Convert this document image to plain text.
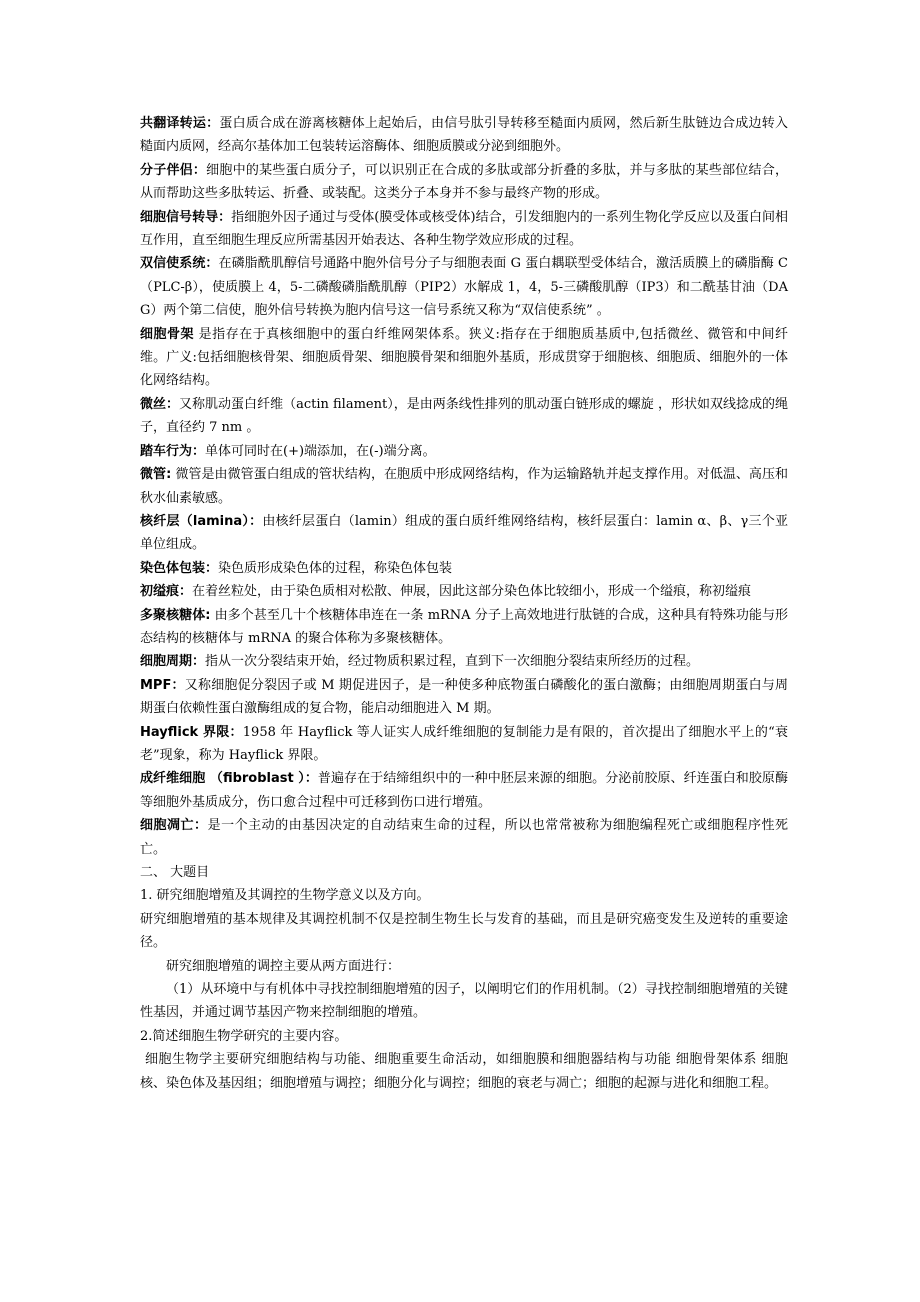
共翻译转运：蛋白质合成在游离核糖体上起始后，由信号肽引导转移至糙面内质网，然后新生肽链边合成边转入糙面内质网，经高尔基体加工包装转运溶酶体、细胞质膜或分泌到细胞外。

分子伴侣：细胞中的某些蛋白质分子，可以识别正在合成的多肽或部分折叠的多肽，并与多肽的某些部位结合，从而帮助这些多肽转运、折叠、或装配。这类分子本身并不参与最终产物的形成。

细胞信号转导：指细胞外因子通过与受体(膜受体或核受体)结合，引发细胞内的一系列生物化学反应以及蛋白间相互作用，直至细胞生理反应所需基因开始表达、各种生物学效应形成的过程。

双信使系统：在磷脂酰肌醇信号通路中胞外信号分子与细胞表面 G 蛋白耦联型受体结合，激活质膜上的磷脂酶 C（PLC-β），使质膜上 4，5-二磷酸磷脂酰肌醇（PIP2）水解成 1，4，5-三磷酸肌醇（IP3）和二酰基甘油（DAG）两个第二信使，胞外信号转换为胞内信号这一信号系统又称为“双信使系统” 。

细胞骨架 是指存在于真核细胞中的蛋白纤维网架体系。狭义:指存在于细胞质基质中,包括微丝、微管和中间纤维。广义:包括细胞核骨架、细胞质骨架、细胞膜骨架和细胞外基质，形成贯穿于细胞核、细胞质、细胞外的一体化网络结构。

微丝：又称肌动蛋白纤维（actin filament），是由两条线性排列的肌动蛋白链形成的螺旋 ，形状如双线捻成的绳子，直径约 7 nm 。

踏车行为：单体可同时在(+)端添加，在(-)端分离。

微管: 微管是由微管蛋白组成的管状结构，在胞质中形成网络结构，作为运输路轨并起支撑作用。对低温、高压和秋水仙素敏感。

核纤层（lamina）：由核纤层蛋白（lamin）组成的蛋白质纤维网络结构，核纤层蛋白：lamin α、β、γ三个亚单位组成。

染色体包装：染色质形成染色体的过程，称染色体包装

初缢痕：在着丝粒处，由于染色质相对松散、伸展，因此这部分染色体比较细小，形成一个缢痕，称初缢痕

多聚核糖体: 由多个甚至几十个核糖体串连在一条 mRNA 分子上高效地进行肽链的合成，这种具有特殊功能与形态结构的核糖体与 mRNA 的聚合体称为多聚核糖体。

细胞周期：指从一次分裂结束开始，经过物质积累过程，直到下一次细胞分裂结束所经历的过程。

MPF：又称细胞促分裂因子或 M 期促进因子，是一种使多种底物蛋白磷酸化的蛋白激酶；由细胞周期蛋白与周期蛋白依赖性蛋白激酶组成的复合物，能启动细胞进入 M 期。

Hayflick 界限：1958 年 Hayflick 等人证实人成纤维细胞的复制能力是有限的，首次提出了细胞水平上的“衰老”现象，称为 Hayflick 界限。

成纤维细胞 （fibroblast ）：普遍存在于结缔组织中的一种中胚层来源的细胞。分泌前胶原、纤连蛋白和胶原酶等细胞外基质成分，伤口愈合过程中可迁移到伤口进行增殖。

细胞凋亡：是一个主动的由基因决定的自动结束生命的过程，所以也常常被称为细胞编程死亡或细胞程序性死亡。

二、 大题目

1. 研究细胞增殖及其调控的生物学意义以及方向。

研究细胞增殖的基本规律及其调控机制不仅是控制生物生长与发育的基础，而且是研究癌变发生及逆转的重要途径。

研究细胞增殖的调控主要从两方面进行：

（1）从环境中与有机体中寻找控制细胞增殖的因子，以阐明它们的作用机制。（2）寻找控制细胞增殖的关键性基因，并通过调节基因产物来控制细胞的增殖。

2.简述细胞生物学研究的主要内容。

细胞生物学主要研究细胞结构与功能、细胞重要生命活动，如细胞膜和细胞器结构与功能 细胞骨架体系 细胞核、染色体及基因组；细胞增殖与调控；细胞分化与调控；细胞的衰老与凋亡；细胞的起源与进化和细胞工程。
